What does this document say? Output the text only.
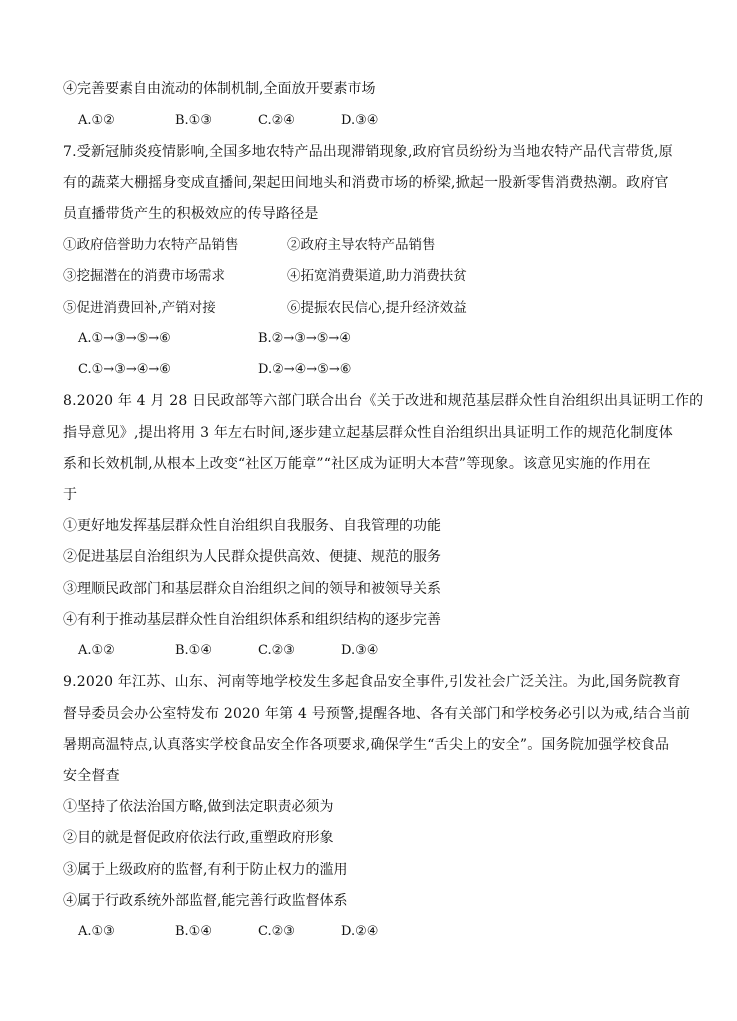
④完善要素自由流动的体制机制,全面放开要素市场
A.①②	B.①③	C.②④	D.③④
7.受新冠肺炎疫情影响,全国多地农特产品出现滞销现象,政府官员纷纷为当地农特产品代言带货,原
有的蔬菜大棚摇身变成直播间,架起田间地头和消费市场的桥梁,掀起一股新零售消费热潮。政府官
员直播带货产生的积极效应的传导路径是
①政府倍誉助力农特产品销售	②政府主导农特产品销售
③挖掘潜在的消费市场需求	④拓宽消费渠道,助力消费扶贫
⑤促进消费回补,产销对接	⑥提振农民信心,提升经济效益
A.①→③→⑤→⑥	B.②→③→⑤→④
C.①→③→④→⑥	D.②→④→⑤→⑥
8.2020 年 4 月 28 日民政部等六部门联合出台《关于改进和规范基层群众性自治组织出具证明工作的
指导意见》,提出将用 3 年左右时间,逐步建立起基层群众性自治组织出具证明工作的规范化制度体
系和长效机制,从根本上改变“社区万能章”“社区成为证明大本营”等现象。该意见实施的作用在
于
①更好地发挥基层群众性自治组织自我服务、自我管理的功能
②促进基层自治组织为人民群众提供高效、便捷、规范的服务
③理顺民政部门和基层群众自治组织之间的领导和被领导关系
④有利于推动基层群众性自治组织体系和组织结构的逐步完善
A.①②	B.①④	C.②③	D.③④
9.2020 年江苏、山东、河南等地学校发生多起食品安全事件,引发社会广泛关注。为此,国务院教育
督导委员会办公室特发布 2020 年第 4 号预警,提醒各地、各有关部门和学校务必引以为戒,结合当前
暑期高温特点,认真落实学校食品安全作各项要求,确保学生“舌尖上的安全”。国务院加强学校食品
安全督查
①坚持了依法治国方略,做到法定职责必须为
②目的就是督促政府依法行政,重塑政府形象
③属于上级政府的监督,有利于防止权力的滥用
④属于行政系统外部监督,能完善行政监督体系
A.①③	B.①④	C.②③	D.②④
